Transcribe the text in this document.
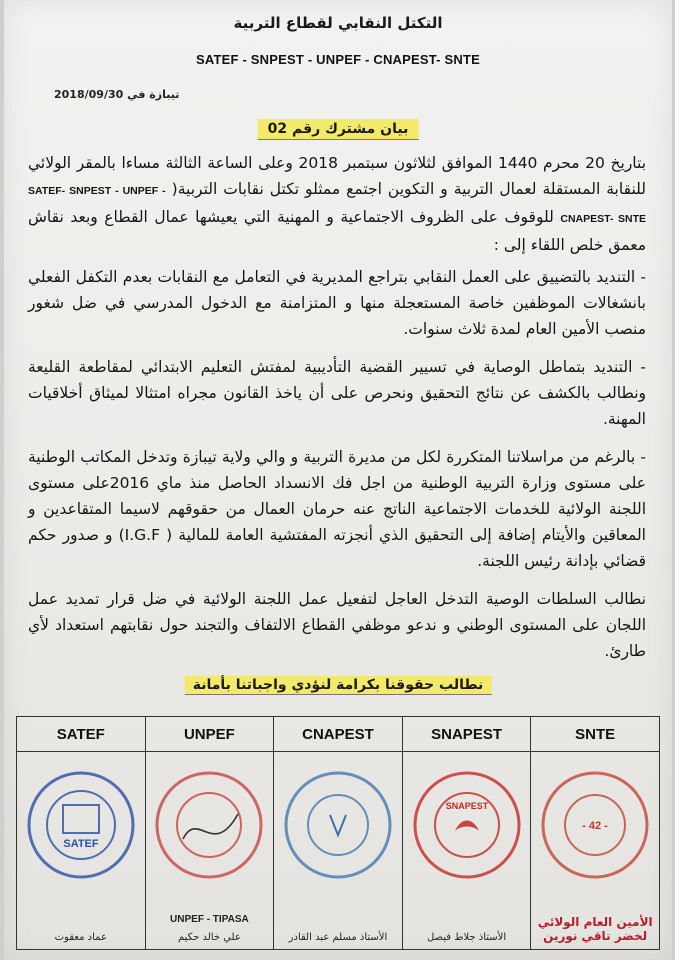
التكتل النقابي لقطاع التربية
SATEF - SNPEST - UNPEF - CNAPEST- SNTE
تيبازة في 2018/09/30
بيان مشترك رقم 02

بتاريخ 20 محرم 1440 الموافق لثلاثون سبتمبر 2018 وعلى الساعة الثالثة مساءا بالمقر الولائي للنقابة المستقلة لعمال التربية و التكوين اجتمع ممثلو تكتل نقابات التربية( SATEF- SNPEST - UNPEF - CNAPEST- SNTE للوقوف على الظروف الاجتماعية و المهنية التي يعيشها عمال القطاع وبعد نقاش معمق خلص اللقاء إلى :

- التنديد بالتضييق على العمل النقابي بتراجع المديرية في التعامل مع النقابات بعدم التكفل الفعلي بانشغالات الموظفين خاصة المستعجلة منها و المتزامنة مع الدخول المدرسي في ضل شغور منصب الأمين العام لمدة ثلاث سنوات.

- التنديد بتماطل الوصاية في تسيير القضية التأديبية لمفتش التعليم الابتدائي لمقاطعة القليعة ونطالب بالكشف عن نتائج التحقيق ونحرص على أن ياخذ القانون مجراه امتثالا لميثاق أخلاقيات المهنة.

- بالرغم من مراسلاتنا المتكررة لكل من مديرة التربية و والي ولاية تيبازة وتدخل المكاتب الوطنية على مستوى وزارة التربية الوطنية من اجل فك الانسداد الحاصل منذ ماي 2016على مستوى اللجنة الولائية للخدمات الاجتماعية الناتج عنه حرمان العمال من حقوقهم لاسيما المتقاعدين و المعاقين والأيتام إضافة إلى التحقيق الذي أنجزته المفتشية العامة للمالية ( I.G.F) و صدور حكم قضائي بإدانة رئيس اللجنة.

نطالب السلطات الوصية التدخل العاجل لتفعيل عمل اللجنة الولائية في ضل قرار تمديد عمل اللجان على المستوى الوطني و ندعو موظفي القطاع الالتفاف والتجند حول نقابتهم استعداد لأي طارئ.

نطالب حقوقنا بكرامة لنؤدي واجباتنا بأمانة
SATEF
SATEF
عماد معقوت
UNPEF
UNPEF - TIPASA
علي خالد حكيم
CNAPEST
الأستاذ مسلم عبد القادر
SNAPEST
SNAPEST
الأستاذ جلاط فيصل
SNTE
- 42 -
الأمين العام الولائي لخضر تاقي نورين
